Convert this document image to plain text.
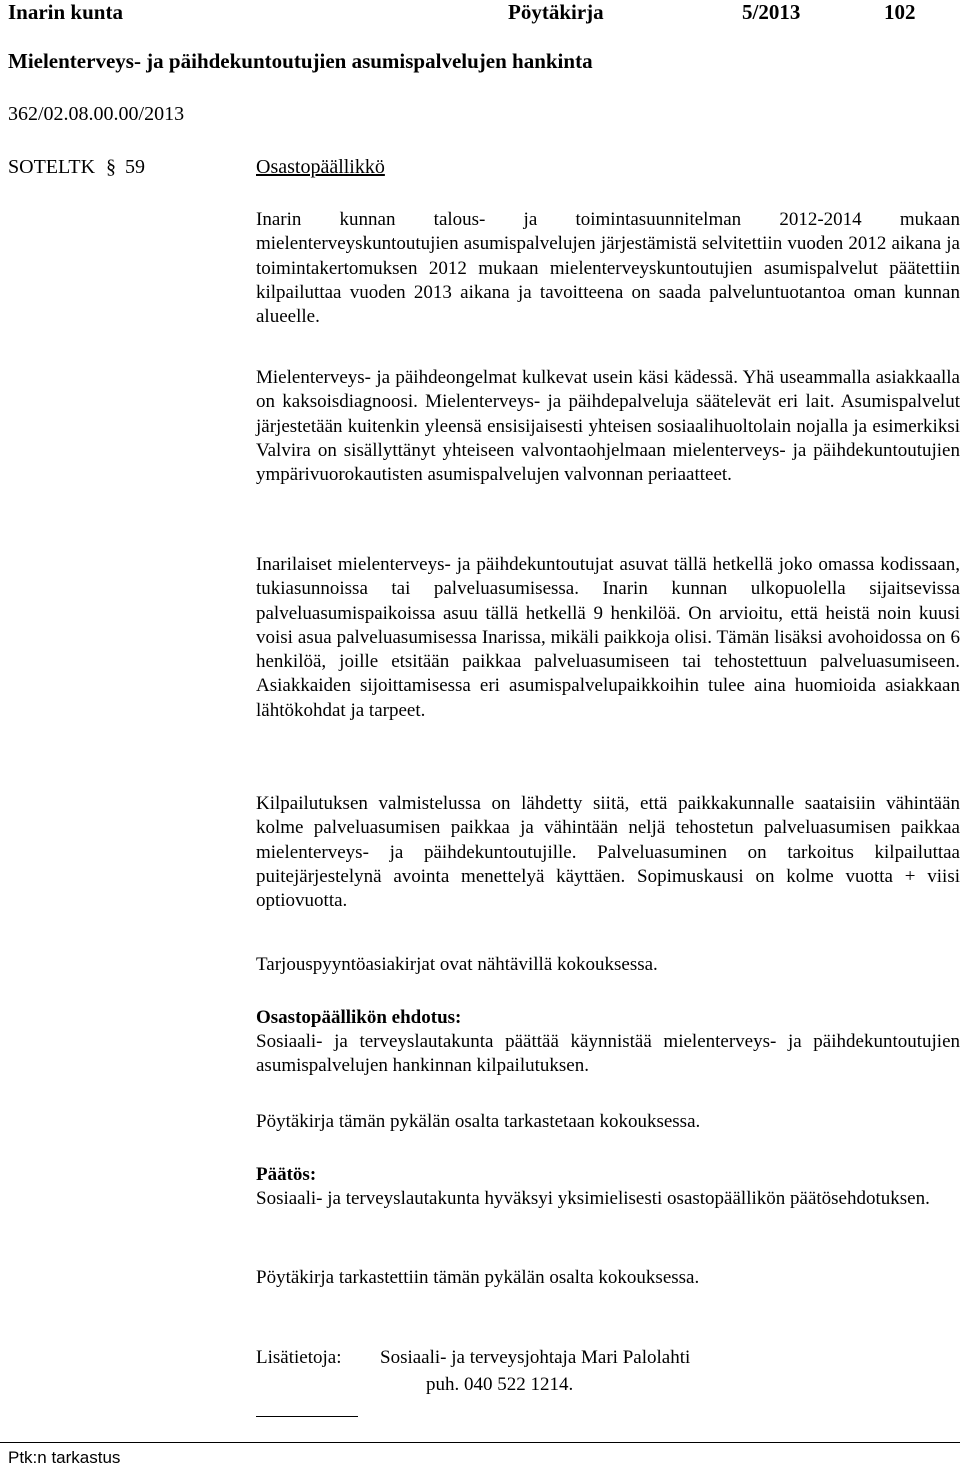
Inarin kunta	Pöytäkirja	5/2013	102
Mielenterveys- ja päihdekuntoutujien asumispalvelujen hankinta
362/02.08.00.00/2013
SOTELTK § 59	Osastopäällikkö

Inarin kunnan talous- ja toimintasuunnitelman 2012-2014 mukaan mielenterveyskuntoutujien asumispalvelujen järjestämistä selvitettiin vuoden 2012 aikana ja toimintakertomuksen 2012 mukaan mielenterveyskuntoutujien asumispalvelut päätettiin kilpailuttaa vuoden 2013 aikana ja tavoitteena on saada palveluntuotantoa oman kunnan alueelle.

Mielenterveys- ja päihdeongelmat kulkevat usein käsi kädessä. Yhä useammalla asiakkaalla on kaksoisdiagnoosi. Mielenterveys- ja päihdepalveluja säätelevät eri lait. Asumispalvelut järjestetään kuitenkin yleensä ensisijaisesti yhteisen sosiaalihuoltolain nojalla ja esimerkiksi Valvira on sisällyttänyt yhteiseen valvontaohjelmaan mielenterveys- ja päihdekuntoutujien ympärivuorokautisten asumispalvelujen valvonnan periaatteet.

Inarilaiset mielenterveys- ja päihdekuntoutujat asuvat tällä hetkellä joko omassa kodissaan, tukiasunnoissa tai palveluasumisessa. Inarin kunnan ulkopuolella sijaitsevissa palveluasumispaikoissa asuu tällä hetkellä 9 henkilöä. On arvioitu, että heistä noin kuusi voisi asua palveluasumisessa Inarissa, mikäli paikkoja olisi. Tämän lisäksi avohoidossa on 6 henkilöä, joille etsitään paikkaa palveluasumiseen tai tehostettuun palveluasumiseen. Asiakkaiden sijoittamisessa eri asumispalvelupaikkoihin tulee aina huomioida asiakkaan lähtökohdat ja tarpeet.

Kilpailutuksen valmistelussa on lähdetty siitä, että paikkakunnalle saataisiin vähintään kolme palveluasumisen paikkaa ja vähintään neljä tehostetun palveluasumisen paikkaa mielenterveys- ja päihdekuntoutujille. Palveluasuminen on tarkoitus kilpailuttaa puitejärjestelynä avointa menettelyä käyttäen. Sopimuskausi on kolme vuotta + viisi optiovuotta.

Tarjouspyyntöasiakirjat ovat nähtävillä kokouksessa.

Osastopäällikön ehdotus:

Sosiaali- ja terveyslautakunta päättää käynnistää mielenterveys- ja päihdekuntoutujien asumispalvelujen hankinnan kilpailutuksen.

Pöytäkirja tämän pykälän osalta tarkastetaan kokouksessa.

Päätös:

Sosiaali- ja terveyslautakunta hyväksyi yksimielisesti osastopäällikön päätösehdotuksen.

Pöytäkirja tarkastettiin tämän pykälän osalta kokouksessa.

Lisätietoja: Sosiaali- ja terveysjohtaja Mari Palolahti
puh. 040 522 1214.
Ptk:n tarkastus
